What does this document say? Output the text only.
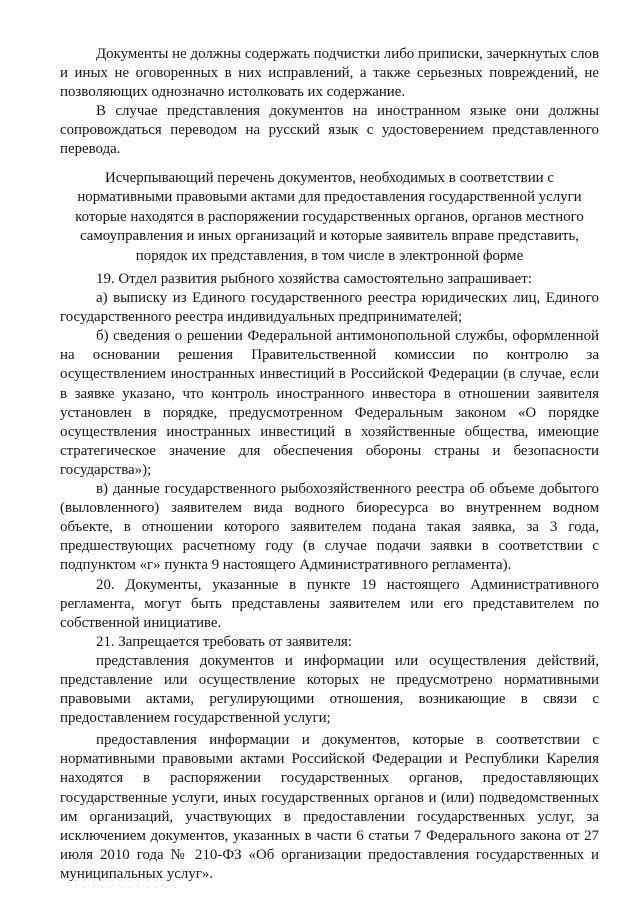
Документы не должны содержать подчистки либо приписки, зачеркнутых слов и иных не оговоренных в них исправлений, а также серьезных повреждений, не позволяющих однозначно истолковать их содержание.

В случае представления документов на иностранном языке они должны сопровождаться переводом на русский язык с удостоверением представленного перевода.

Исчерпывающий перечень документов, необходимых в соответствии с нормативными правовыми актами для предоставления государственной услуги которые находятся в распоряжении государственных органов, органов местного самоуправления и иных организаций и которые заявитель вправе представить, порядок их представления, в том числе в электронной форме

19. Отдел развития рыбного хозяйства самостоятельно запрашивает:

а) выписку из Единого государственного реестра юридических лиц, Единого государственного реестра индивидуальных предпринимателей;

б) сведения о решении Федеральной антимонопольной службы, оформленной на основании решения Правительственной комиссии по контролю за осуществлением иностранных инвестиций в Российской Федерации (в случае, если в заявке указано, что контроль иностранного инвестора в отношении заявителя установлен в порядке, предусмотренном Федеральным законом «О порядке осуществления иностранных инвестиций в хозяйственные общества, имеющие стратегическое значение для обеспечения обороны страны и безопасности государства»);

в) данные государственного рыбохозяйственного реестра об объеме добытого (выловленного) заявителем вида водного биоресурса во внутреннем водном объекте, в отношении которого заявителем подана такая заявка, за 3 года, предшествующих расчетному году (в случае подачи заявки в соответствии с подпунктом «г» пункта 9 настоящего Административного регламента).

20. Документы, указанные в пункте 19 настоящего Административного регламента, могут быть представлены заявителем или его представителем по собственной инициативе.

21. Запрещается требовать от заявителя:

представления документов и информации или осуществления действий, представление или осуществление которых не предусмотрено нормативными правовыми актами, регулирующими отношения, возникающие в связи с предоставлением государственной услуги;

предоставления информации и документов, которые в соответствии с нормативными правовыми актами Российской Федерации и Республики Карелия находятся в распоряжении государственных органов, предоставляющих государственные услуги, иных государственных органов и (или) подведомственных им организаций, участвующих в предоставлении государственных услуг, за исключением документов, указанных в части 6 статьи 7 Федерального закона от 27 июля 2010 года № 210-ФЗ «Об организации предоставления государственных и муниципальных услуг».
